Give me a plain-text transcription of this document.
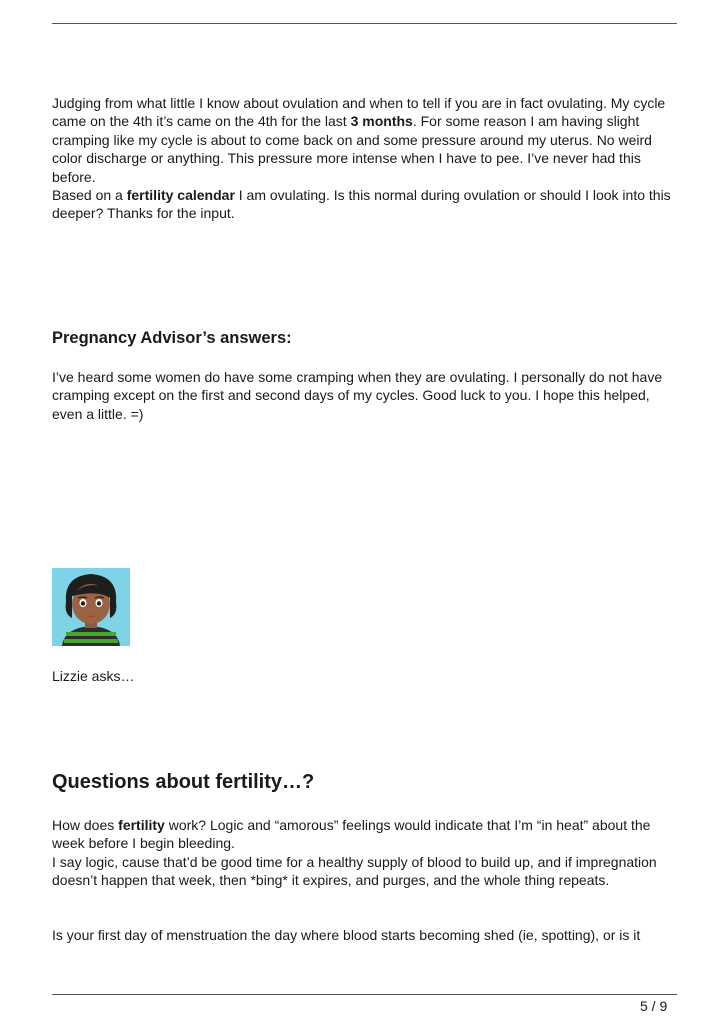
Judging from what little I know about ovulation and when to tell if you are in fact ovulating. My cycle came on the 4th it’s came on the 4th for the last 3 months. For some reason I am having slight cramping like my cycle is about to come back on and some pressure around my uterus. No weird color discharge or anything. This pressure more intense when I have to pee. I’ve never had this before.
Based on a fertility calendar I am ovulating. Is this normal during ovulation or should I look into this deeper? Thanks for the input.

Pregnancy Advisor’s answers:

I’ve heard some women do have some cramping when they are ovulating. I personally do not have cramping except on the first and second days of my cycles. Good luck to you. I hope this helped, even a little. =)

Lizzie asks…

Questions about fertility…?

How does fertility work? Logic and “amorous” feelings would indicate that I’m “in heat” about the week before I begin bleeding.
I say logic, cause that’d be good time for a healthy supply of blood to build up, and if impregnation doesn’t happen that week, then *bing* it expires, and purges, and the whole thing repeats.

Is your first day of menstruation the day where blood starts becoming shed (ie, spotting), or is it

5 / 9
